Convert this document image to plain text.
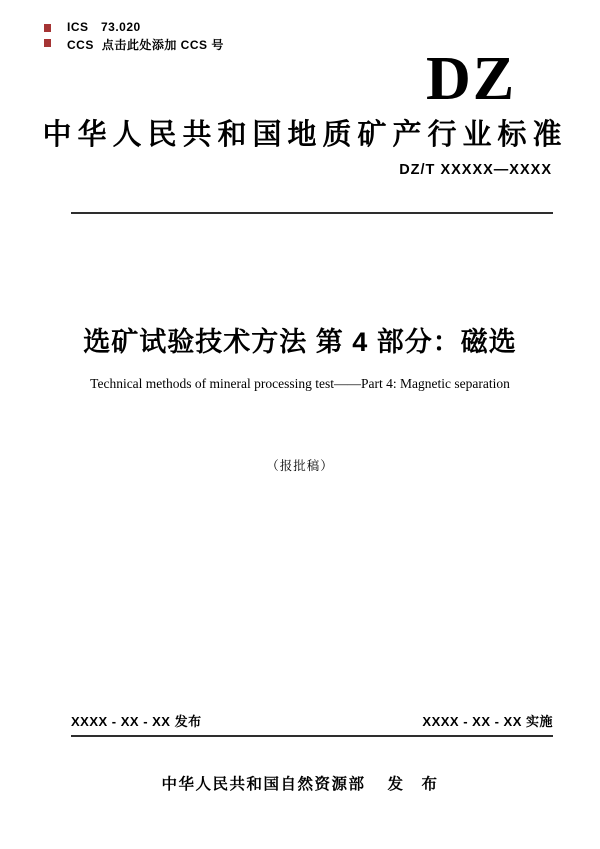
ICS 73.020
CCS 点击此处添加 CCS 号	DZ
中华人民共和国地质矿产行业标准
DZ/T XXXXX—XXXX
选矿试验技术方法 第 4 部分：磁选
Technical methods of mineral processing test——Part 4: Magnetic separation
（报批稿）
XXXX - XX - XX 发布	XXXX - XX - XX 实施
中华人民共和国自然资源部 发　布
